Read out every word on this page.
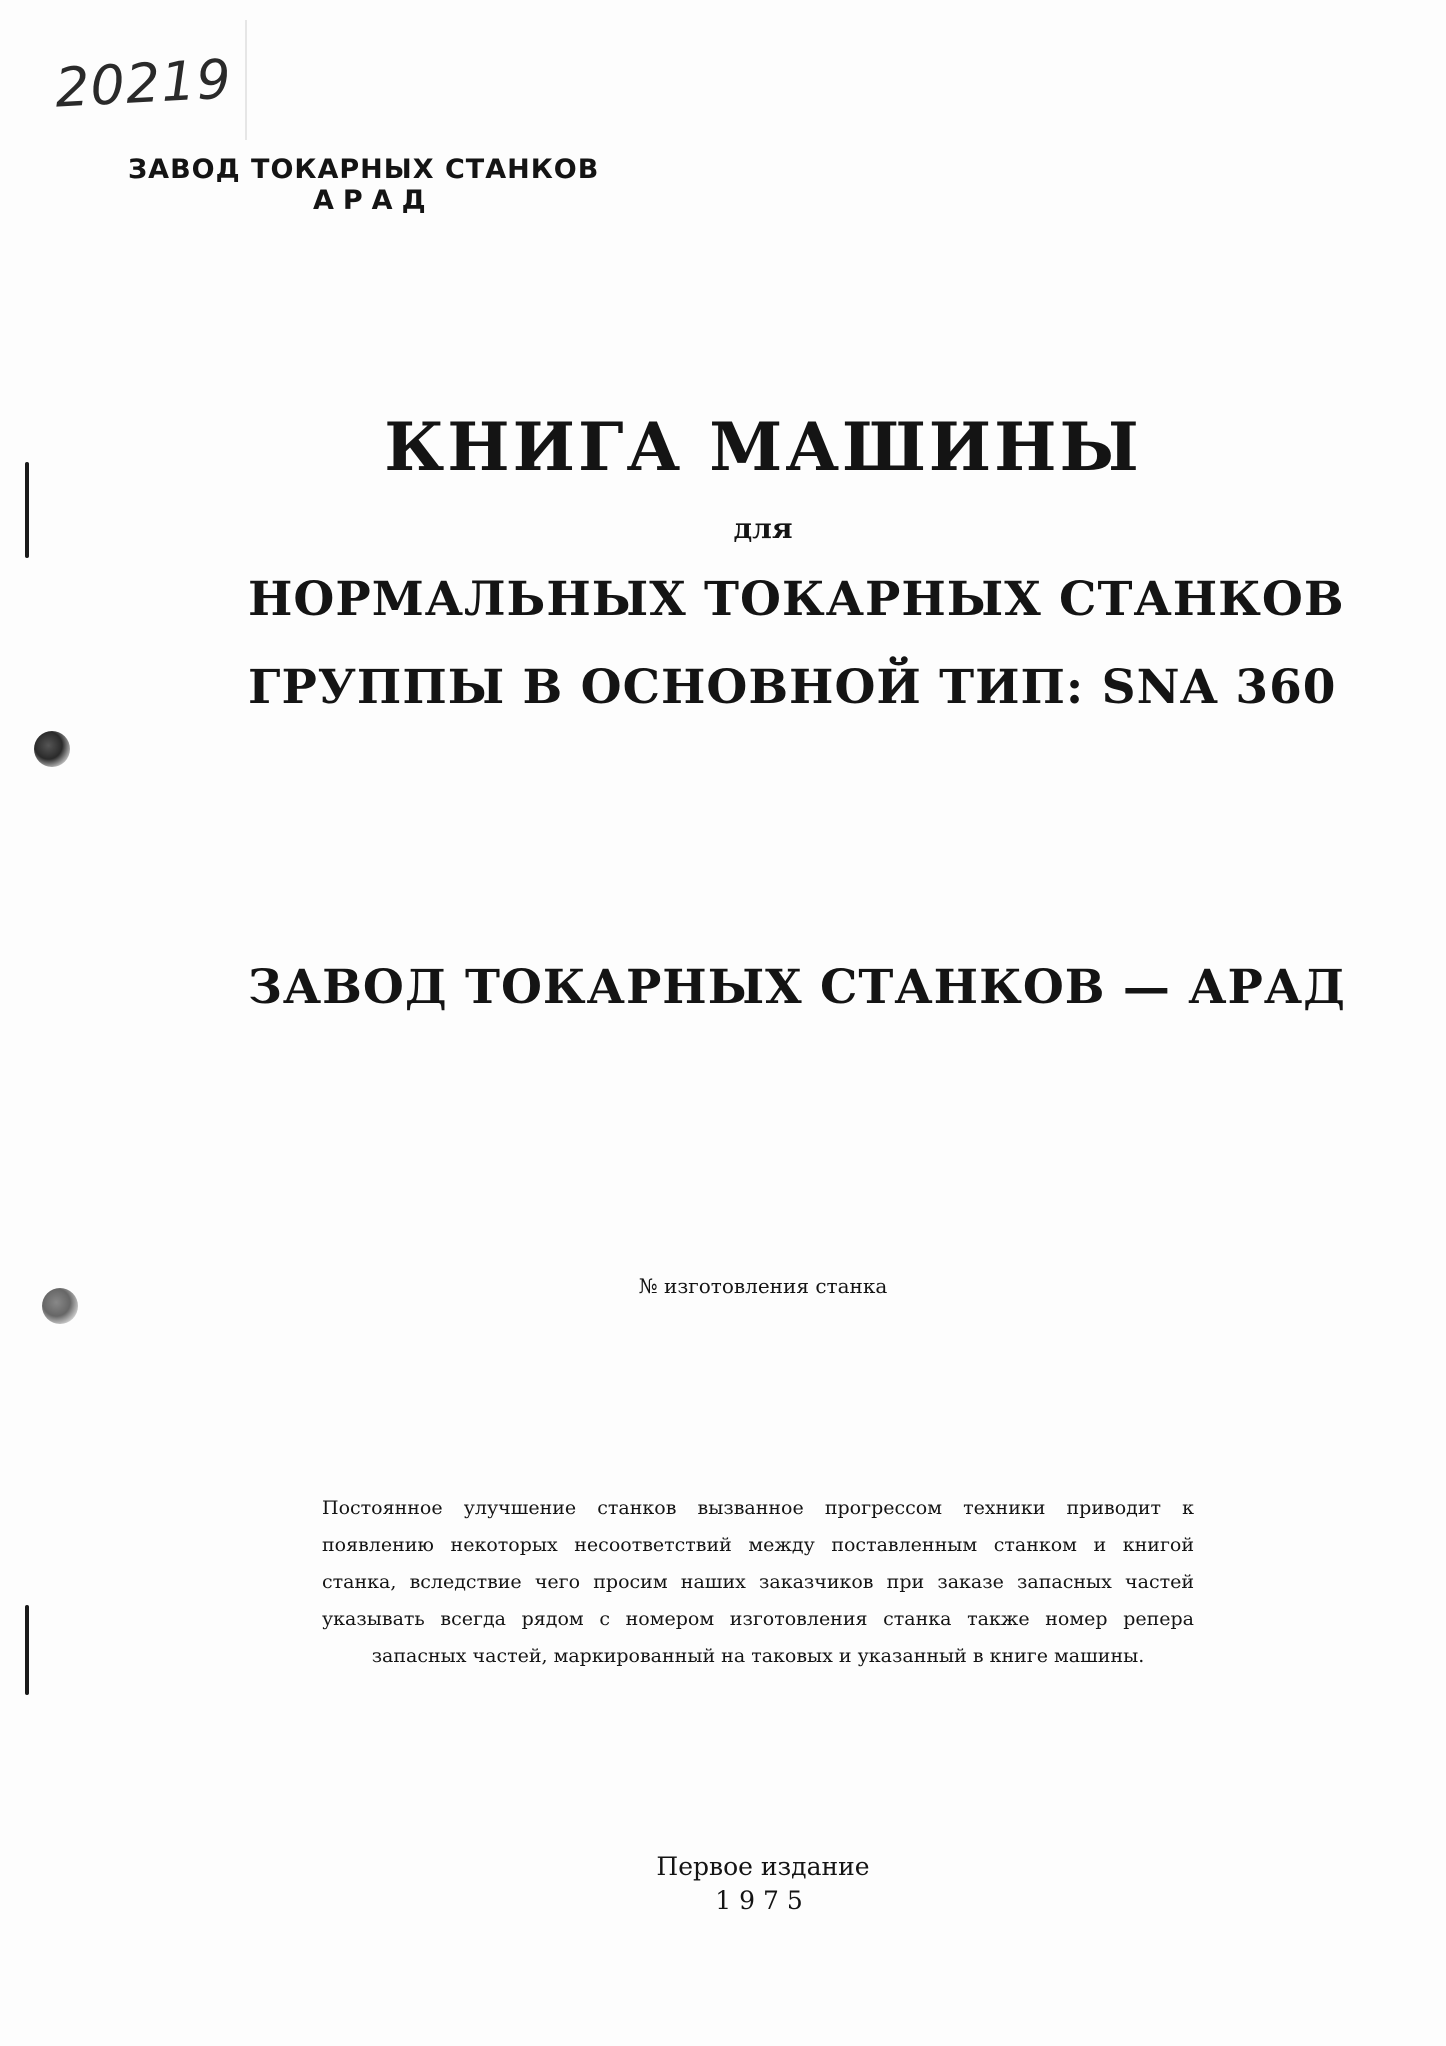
20219
ЗАВОД ТОКАРНЫХ СТАНКОВ
АРАД
КНИГА МАШИНЫ
для
НОРМАЛЬНЫХ ТОКАРНЫХ СТАНКОВ
ГРУППЫ В ОСНОВНОЙ ТИП: SNA 360
ЗАВОД ТОКАРНЫХ СТАНКОВ — АРАД
№ изготовления станка
Постоянное улучшение станков вызванное прогрессом техники приводит к появлению некоторых несоответствий между поставленным станком и книгой станка, вследствие чего просим наших заказчиков при заказе запасных частей указывать всегда рядом с номером изготовления станка также номер репера запасных частей, маркированный на таковых и указанный в книге машины.
Первое издание
1975
